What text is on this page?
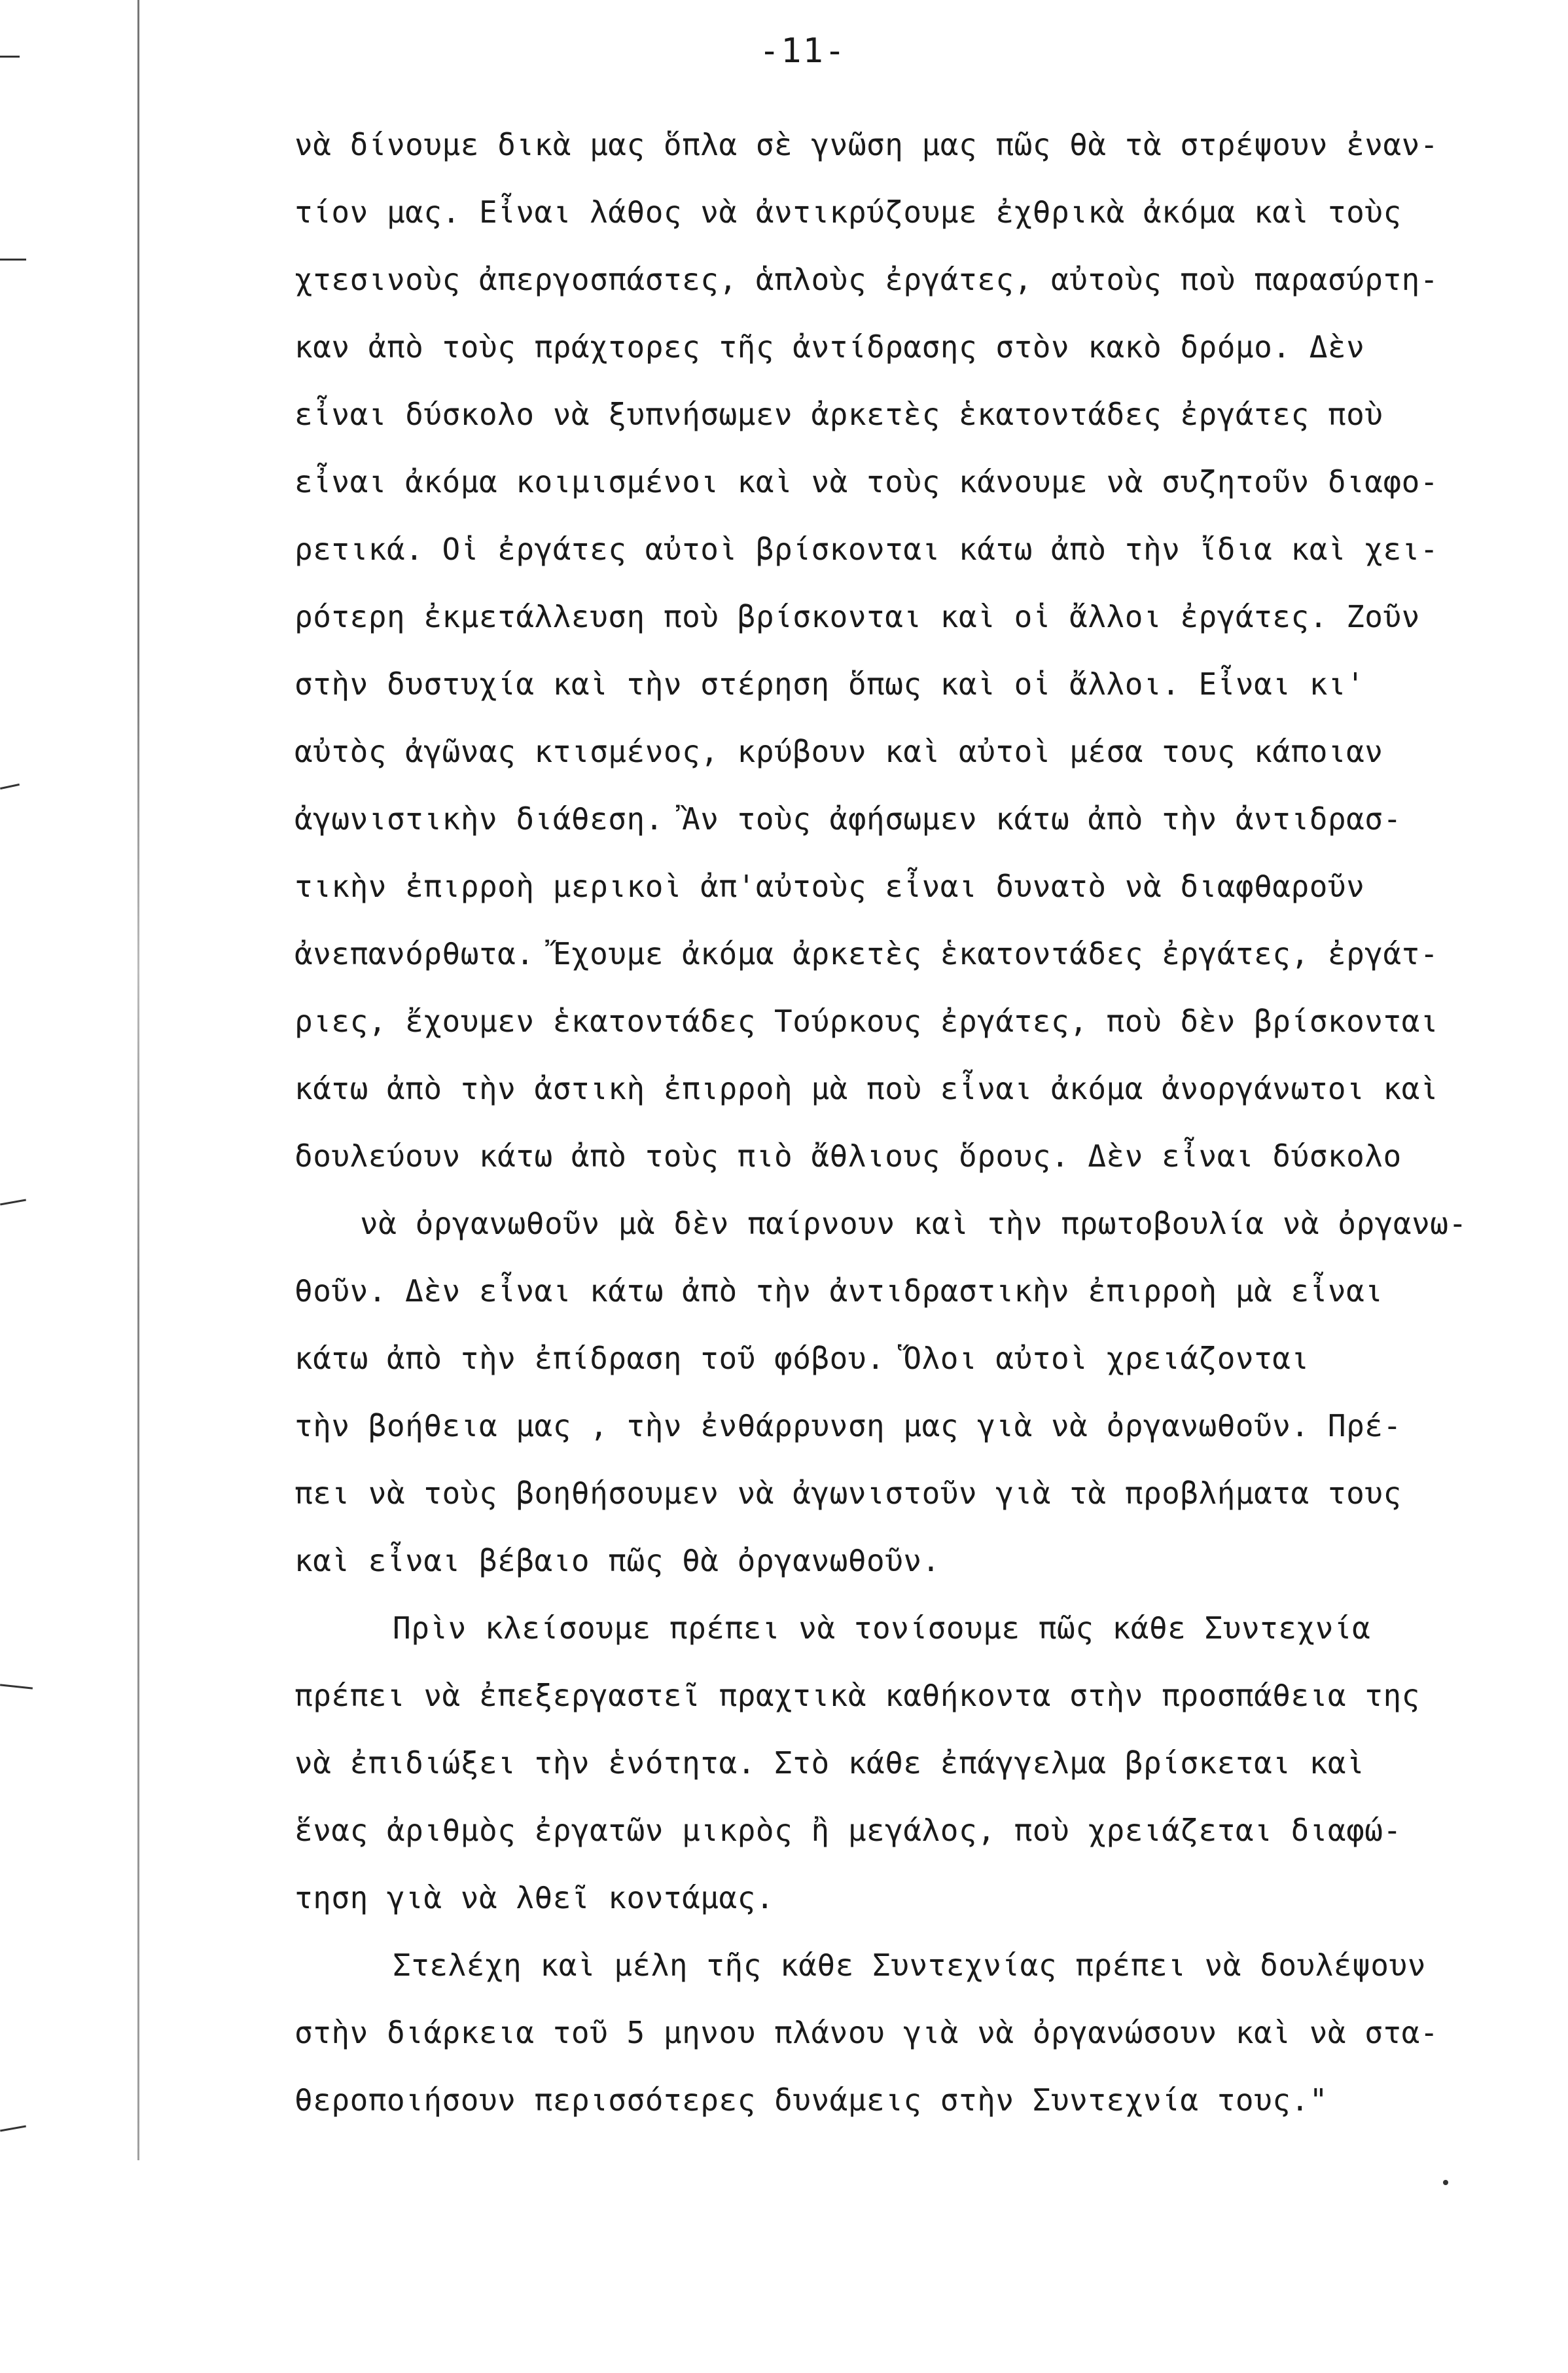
-11-
νὰ δίνουμε δικὰ μας ὅπλα σὲ γνῶση μας πῶς θὰ τὰ στρέψουν ἐναν-
τίον μας. Εἶναι λάθος νὰ ἀντικρύζουμε ἐχθρικὰ ἀκόμα καὶ τοὺς
χτεσινοὺς ἀπεργοσπάστες, ἁπλοὺς ἐργάτες, αὐτοὺς ποὺ παρασύρτη-
καν ἀπὸ τοὺς πράχτορες τῆς ἀντίδρασης στὸν κακὸ δρόμο. Δὲν
εἶναι δύσκολο νὰ ξυπνήσωμεν ἀρκετὲς ἑκατοντάδες ἐργάτες ποὺ
εἶναι ἀκόμα κοιμισμένοι καὶ νὰ τοὺς κάνουμε νὰ συζητοῦν διαφο-
ρετικά. Οἱ ἐργάτες αὐτοὶ βρίσκονται κάτω ἀπὸ τὴν ἴδια καὶ χει-
ρότερη ἐκμετάλλευση ποὺ βρίσκονται καὶ οἱ ἄλλοι ἐργάτες. Ζοῦν
στὴν δυστυχία καὶ τὴν στέρηση ὅπως καὶ οἱ ἄλλοι. Εἶναι κι'
αὐτὸς ἀγῶνας κτισμένος, κρύβουν καὶ αὐτοὶ μέσα τους κάποιαν
ἀγωνιστικὴν διάθεση. Ἂν τοὺς ἀφήσωμεν κάτω ἀπὸ τὴν ἀντιδρασ-
τικὴν ἐπιρροὴ μερικοὶ ἀπ'αὐτοὺς εἶναι δυνατὸ νὰ διαφθαροῦν
ἀνεπανόρθωτα. Ἔχουμε ἀκόμα ἀρκετὲς ἑκατοντάδες ἐργάτες, ἐργάτ-
ριες, ἔχουμεν ἑκατοντάδες Τούρκους ἐργάτες, ποὺ δὲν βρίσκονται
κάτω ἀπὸ τὴν ἀστικὴ ἐπιρροὴ μὰ ποὺ εἶναι ἀκόμα ἀνοργάνωτοι καὶ
δουλεύουν κάτω ἀπὸ τοὺς πιὸ ἄθλιους ὅρους. Δὲν εἶναι δύσκολο
νὰ ὀργανωθοῦν μὰ δὲν παίρνουν καὶ τὴν πρωτοβουλία νὰ ὀργανω-
θοῦν. Δὲν εἶναι κάτω ἀπὸ τὴν ἀντιδραστικὴν ἐπιρροὴ μὰ εἶναι
κάτω ἀπὸ τὴν ἐπίδραση τοῦ φόβου. Ὅλοι αὐτοὶ χρειάζονται
τὴν βοήθεια μας , τὴν ἐνθάρρυνση μας γιὰ νὰ ὀργανωθοῦν. Πρέ-
πει νὰ τοὺς βοηθήσουμεν νὰ ἀγωνιστοῦν γιὰ τὰ προβλήματα τους
καὶ εἶναι βέβαιο πῶς θὰ ὀργανωθοῦν.
Πρὶν κλείσουμε πρέπει νὰ τονίσουμε πῶς κάθε Συντεχνία
πρέπει νὰ ἐπεξεργαστεῖ πραχτικὰ καθήκοντα στὴν προσπάθεια της
νὰ ἐπιδιώξει τὴν ἑνότητα. Στὸ κάθε ἐπάγγελμα βρίσκεται καὶ
ἕνας ἀριθμὸς ἐργατῶν μικρὸς ἢ μεγάλος, ποὺ χρειάζεται διαφώ-
τηση γιὰ νὰ λθεῖ κοντάμας.
Στελέχη καὶ μέλη τῆς κάθε Συντεχνίας πρέπει νὰ δουλέψουν
στὴν διάρκεια τοῦ 5 μηνου πλάνου γιὰ νὰ ὀργανώσουν καὶ νὰ στα-
θεροποιήσουν περισσότερες δυνάμεις στὴν Συντεχνία τους."
